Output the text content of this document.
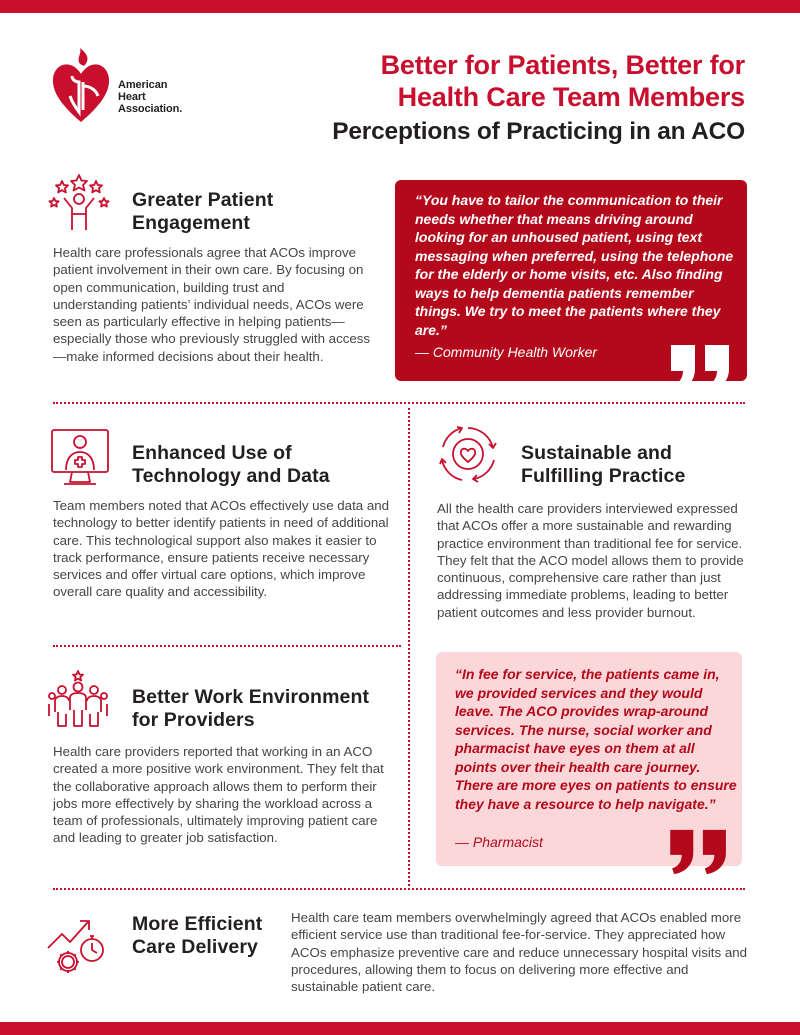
American
Heart
Association.
Better for Patients, Better for
Health Care Team Members
Perceptions of Practicing in an ACO
Greater Patient
Engagement
Health care professionals agree that ACOs improve patient involvement in their own care. By focusing on open communication, building trust and understanding patients’ individual needs, ACOs were seen as particularly effective in helping patients—especially those who previously struggled with access—make informed decisions about their health.
“You have to tailor the communication to their needs whether that means driving around looking for an unhoused patient, using text messaging when preferred, using the telephone for the elderly or home visits, etc. Also finding ways to help dementia patients remember things. We try to meet the patients where they are.”
— Community Health Worker
Enhanced Use of
Technology and Data
Team members noted that ACOs effectively use data and technology to better identify patients in need of additional care. This technological support also makes it easier to track performance, ensure patients receive necessary services and offer virtual care options, which improve overall care quality and accessibility.
Sustainable and
Fulfilling Practice
All the health care providers interviewed expressed that ACOs offer a more sustainable and rewarding practice environment than traditional fee for service. They felt that the ACO model allows them to provide continuous, comprehensive care rather than just addressing immediate problems, leading to better patient outcomes and less provider burnout.
Better Work Environment
for Providers
Health care providers reported that working in an ACO created a more positive work environment. They felt that the collaborative approach allows them to perform their jobs more effectively by sharing the workload across a team of professionals, ultimately improving patient care and leading to greater job satisfaction.
“In fee for service, the patients came in, we provided services and they would leave. The ACO provides wrap-around services. The nurse, social worker and pharmacist have eyes on them at all points over their health care journey. There are more eyes on patients to ensure they have a resource to help navigate.”
— Pharmacist
More Efficient
Care Delivery
Health care team members overwhelmingly agreed that ACOs enabled more efficient service use than traditional fee-for-service. They appreciated how ACOs emphasize preventive care and reduce unnecessary hospital visits and procedures, allowing them to focus on delivering more effective and sustainable patient care.
